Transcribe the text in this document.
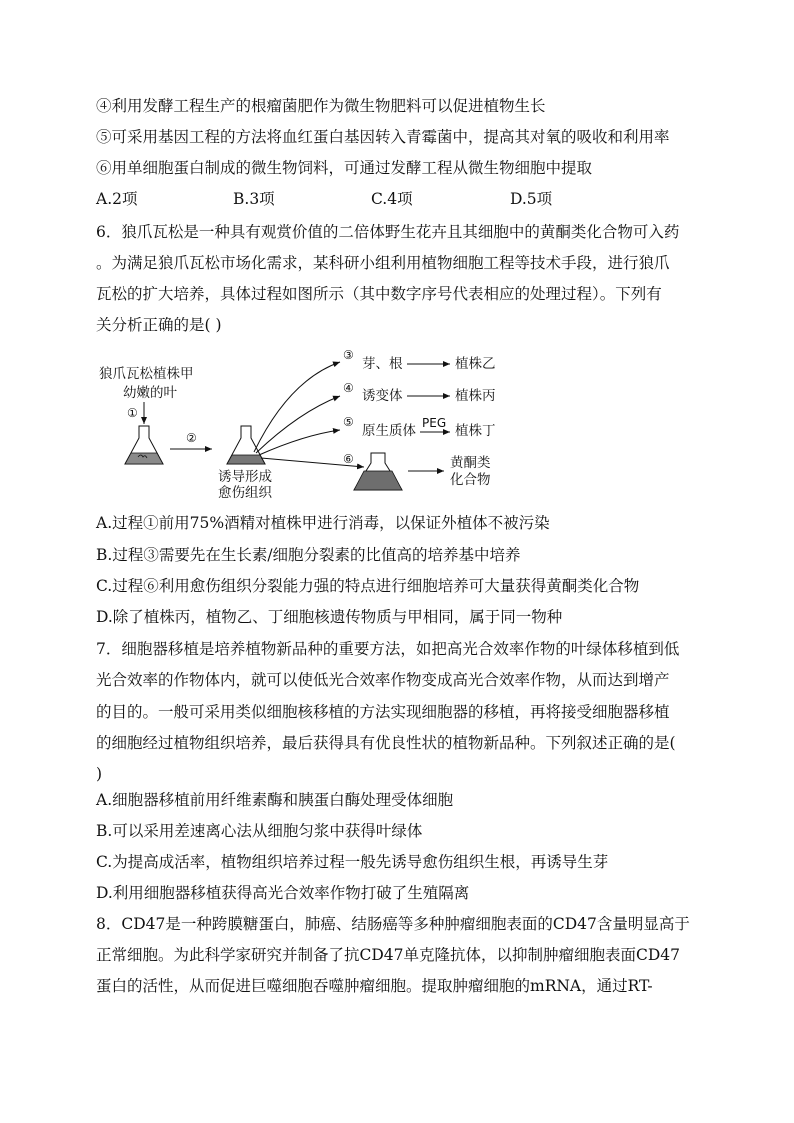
④利用发酵工程生产的根瘤菌肥作为微生物肥料可以促进植物生长
⑤可采用基因工程的方法将血红蛋白基因转入青霉菌中，提高其对氧的吸收和利用率
⑥用单细胞蛋白制成的微生物饲料，可通过发酵工程从微生物细胞中提取
A.2项	B.3项	C.4项	D.5项
6．狼爪瓦松是一种具有观赏价值的二倍体野生花卉且其细胞中的黄酮类化合物可入药
。为满足狼爪瓦松市场化需求，某科研小组利用植物细胞工程等技术手段，进行狼爪
瓦松的扩大培养，具体过程如图所示（其中数字序号代表相应的处理过程）。下列有
关分析正确的是( )
狼爪瓦松植株甲
幼嫩的叶
①
②
诱导形成
愈伤组织
③
芽、根	植株乙
④ 诱变体	植株丙
⑤
原生质体 PEG 植株丁
⑥	黄酮类
化合物
A.过程①前用75%酒精对植株甲进行消毒，以保证外植体不被污染
B.过程③需要先在生长素/细胞分裂素的比值高的培养基中培养
C.过程⑥利用愈伤组织分裂能力强的特点进行细胞培养可大量获得黄酮类化合物
D.除了植株丙，植物乙、丁细胞核遗传物质与甲相同，属于同一物种
7．细胞器移植是培养植物新品种的重要方法，如把高光合效率作物的叶绿体移植到低
光合效率的作物体内，就可以使低光合效率作物变成高光合效率作物，从而达到增产
的目的。一般可采用类似细胞核移植的方法实现细胞器的移植，再将接受细胞器移植
的细胞经过植物组织培养，最后获得具有优良性状的植物新品种。下列叙述正确的是(
)
A.细胞器移植前用纤维素酶和胰蛋白酶处理受体细胞
B.可以采用差速离心法从细胞匀浆中获得叶绿体
C.为提高成活率，植物组织培养过程一般先诱导愈伤组织生根，再诱导生芽
D.利用细胞器移植获得高光合效率作物打破了生殖隔离
8．CD47是一种跨膜糖蛋白，肺癌、结肠癌等多种肿瘤细胞表面的CD47含量明显高于
正常细胞。为此科学家研究并制备了抗CD47单克隆抗体，以抑制肿瘤细胞表面CD47
蛋白的活性，从而促进巨噬细胞吞噬肿瘤细胞。提取肿瘤细胞的mRNA，通过RT-
